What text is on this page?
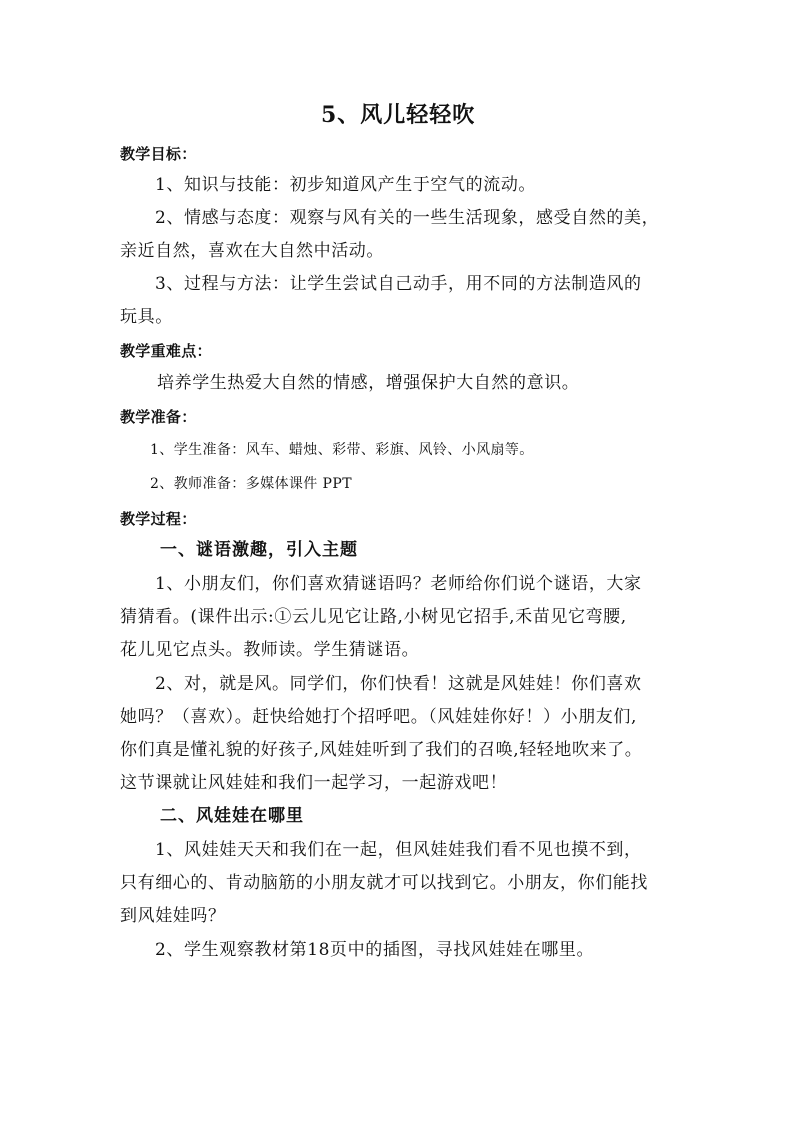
5、风儿轻轻吹
教学目标：
1、知识与技能：初步知道风产生于空气的流动。
2、情感与态度：观察与风有关的一些生活现象，感受自然的美，
亲近自然，喜欢在大自然中活动。
3、过程与方法：让学生尝试自己动手，用不同的方法制造风的
玩具。
教学重难点：
培养学生热爱大自然的情感，增强保护大自然的意识。
教学准备：
1、学生准备：风车、蜡烛、彩带、彩旗、风铃、小风扇等。
2、教师准备：多媒体课件 PPT
教学过程：
一、谜语激趣，引入主题
1、小朋友们，你们喜欢猜谜语吗？老师给你们说个谜语，大家
猜猜看。(课件出示:①云儿见它让路,小树见它招手,禾苗见它弯腰,
花儿见它点头。教师读。学生猜谜语。
2、对，就是风。同学们，你们快看！这就是风娃娃！你们喜欢
她吗？（喜欢）。赶快给她打个招呼吧。（风娃娃你好！）小朋友们,
你们真是懂礼貌的好孩子,风娃娃听到了我们的召唤,轻轻地吹来了。
这节课就让风娃娃和我们一起学习，一起游戏吧！
二、风娃娃在哪里
1、风娃娃天天和我们在一起，但风娃娃我们看不见也摸不到，
只有细心的、肯动脑筋的小朋友就才可以找到它。小朋友，你们能找
到风娃娃吗？
2、学生观察教材第18页中的插图，寻找风娃娃在哪里。
